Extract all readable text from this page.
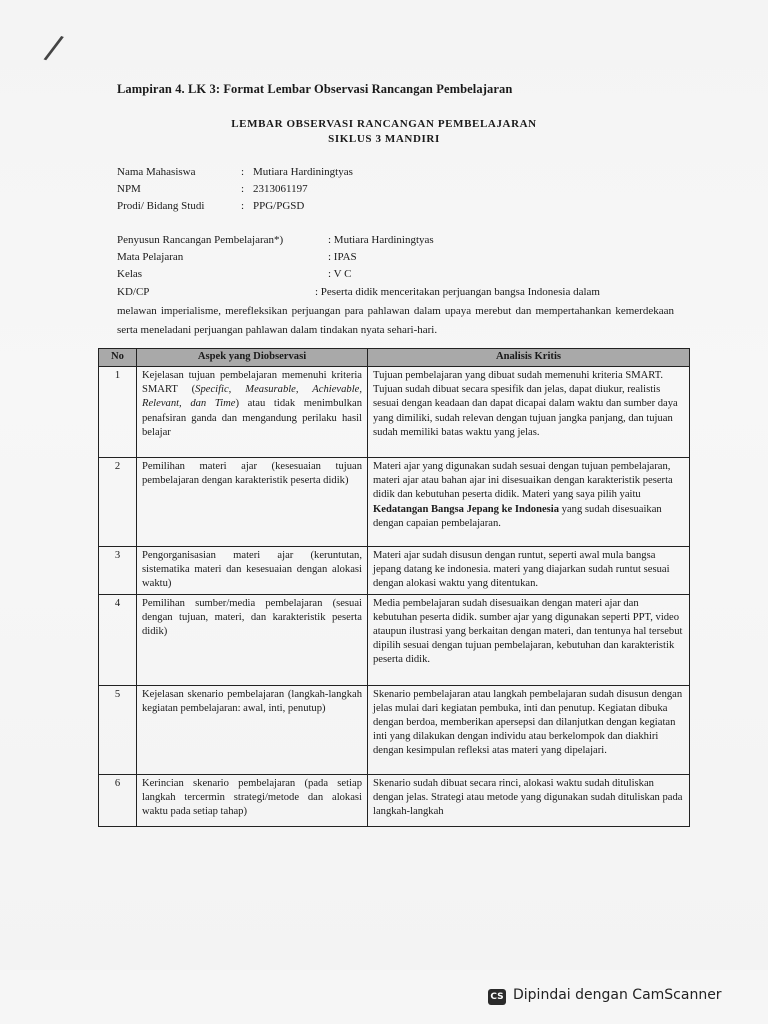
/
Lampiran 4. LK 3: Format Lembar Observasi Rancangan Pembelajaran
LEMBAR OBSERVASI RANCANGAN PEMBELAJARAN
SIKLUS 3 MANDIRI
Nama Mahasiswa	: Mutiara Hardiningtyas
NPM	: 2313061197
Prodi/ Bidang Studi	: PPG/PGSD
Penyusun Rancangan Pembelajaran*)	: Mutiara Hardiningtyas
Mata Pelajaran	: IPAS
Kelas	: V C
KD/CP	: Peserta didik menceritakan perjuangan bangsa Indonesia dalam
melawan imperialisme, merefleksikan perjuangan para pahlawan dalam upaya merebut dan mempertahankan kemerdekaan serta meneladani perjuangan pahlawan dalam tindakan nyata sehari-hari.
No	Aspek yang Diobservasi	Analisis Kritis
1	Kejelasan tujuan pembelajaran memenuhi kriteria SMART (Specific, Measurable, Achievable, Relevant, dan Time) atau tidak menimbulkan penafsiran ganda dan mengandung perilaku hasil belajar	Tujuan pembelajaran yang dibuat sudah memenuhi kriteria SMART. Tujuan sudah dibuat secara spesifik dan jelas, dapat diukur, realistis sesuai dengan keadaan dan dapat dicapai dalam waktu dan sumber daya yang dimiliki, sudah relevan dengan tujuan jangka panjang, dan tujuan sudah memiliki batas waktu yang jelas.
2	Pemilihan materi ajar (kesesuaian tujuan pembelajaran dengan karakteristik peserta didik)	Materi ajar yang digunakan sudah sesuai dengan tujuan pembelajaran, materi ajar atau bahan ajar ini disesuaikan dengan karakteristik peserta didik dan kebutuhan peserta didik. Materi yang saya pilih yaitu Kedatangan Bangsa Jepang ke Indonesia yang sudah disesuaikan dengan capaian pembelajaran.
3	Pengorganisasian materi ajar (keruntutan, sistematika materi dan kesesuaian dengan alokasi waktu)	Materi ajar sudah disusun dengan runtut, seperti awal mula bangsa jepang datang ke indonesia. materi yang diajarkan sudah runtut sesuai dengan alokasi waktu yang ditentukan.
4	Pemilihan sumber/media pembelajaran (sesuai dengan tujuan, materi, dan karakteristik peserta didik)	Media pembelajaran sudah disesuaikan dengan materi ajar dan kebutuhan peserta didik. sumber ajar yang digunakan seperti PPT, video ataupun ilustrasi yang berkaitan dengan materi, dan tentunya hal tersebut dipilih sesuai dengan tujuan pembelajaran, kebutuhan dan karakteristik peserta didik.
5	Kejelasan skenario pembelajaran (langkah-langkah kegiatan pembelajaran: awal, inti, penutup)	Skenario pembelajaran atau langkah pembelajaran sudah disusun dengan jelas mulai dari kegiatan pembuka, inti dan penutup. Kegiatan dibuka dengan berdoa, memberikan apersepsi dan dilanjutkan dengan kegiatan inti yang dilakukan dengan individu atau berkelompok dan diakhiri dengan kesimpulan refleksi atas materi yang dipelajari.
6	Kerincian skenario pembelajaran (pada setiap langkah tercermin strategi/metode dan alokasi waktu pada setiap tahap)	Skenario sudah dibuat secara rinci, alokasi waktu sudah dituliskan dengan jelas. Strategi atau metode yang digunakan sudah dituliskan pada langkah-langkah
CS Dipindai dengan CamScanner
